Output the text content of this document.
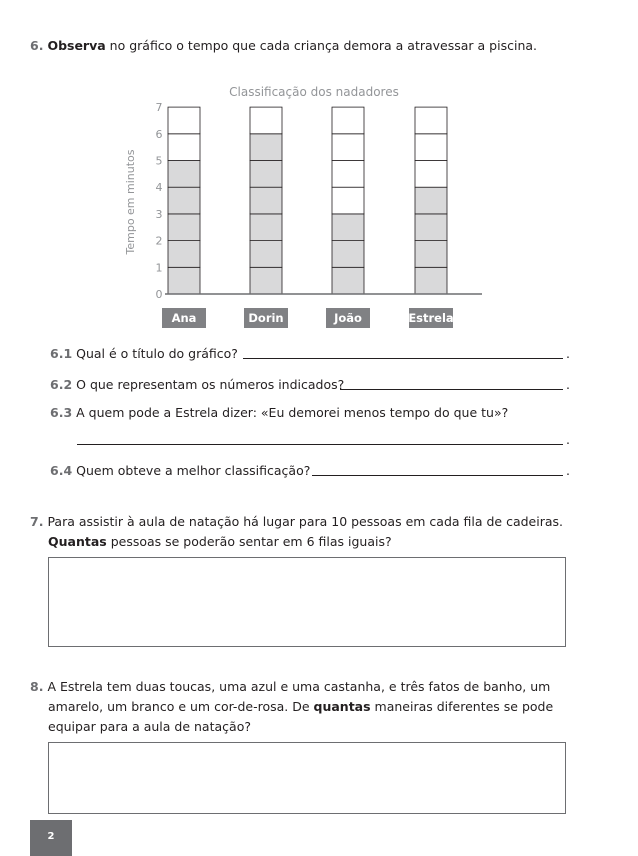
6. Observa no gráfico o tempo que cada criança demora a atravessar a piscina.
Classificação dos nadadores
Tempo em minutos
0
1
2
3
4
5
6
7
Ana	Dorin	João	Estrela
6.1 Qual é o título do gráfico?	.
6.2 O que representam os números indicados?	.
6.3 A quem pode a Estrela dizer: «Eu demorei menos tempo do que tu»?
.
6.4 Quem obteve a melhor classificação?	.
7. Para assistir à aula de natação há lugar para 10 pessoas em cada fila de cadeiras.
Quantas pessoas se poderão sentar em 6 filas iguais?
8. A Estrela tem duas toucas, uma azul e uma castanha, e três fatos de banho, um
amarelo, um branco e um cor-de-rosa. De quantas maneiras diferentes se pode
equipar para a aula de natação?
2
